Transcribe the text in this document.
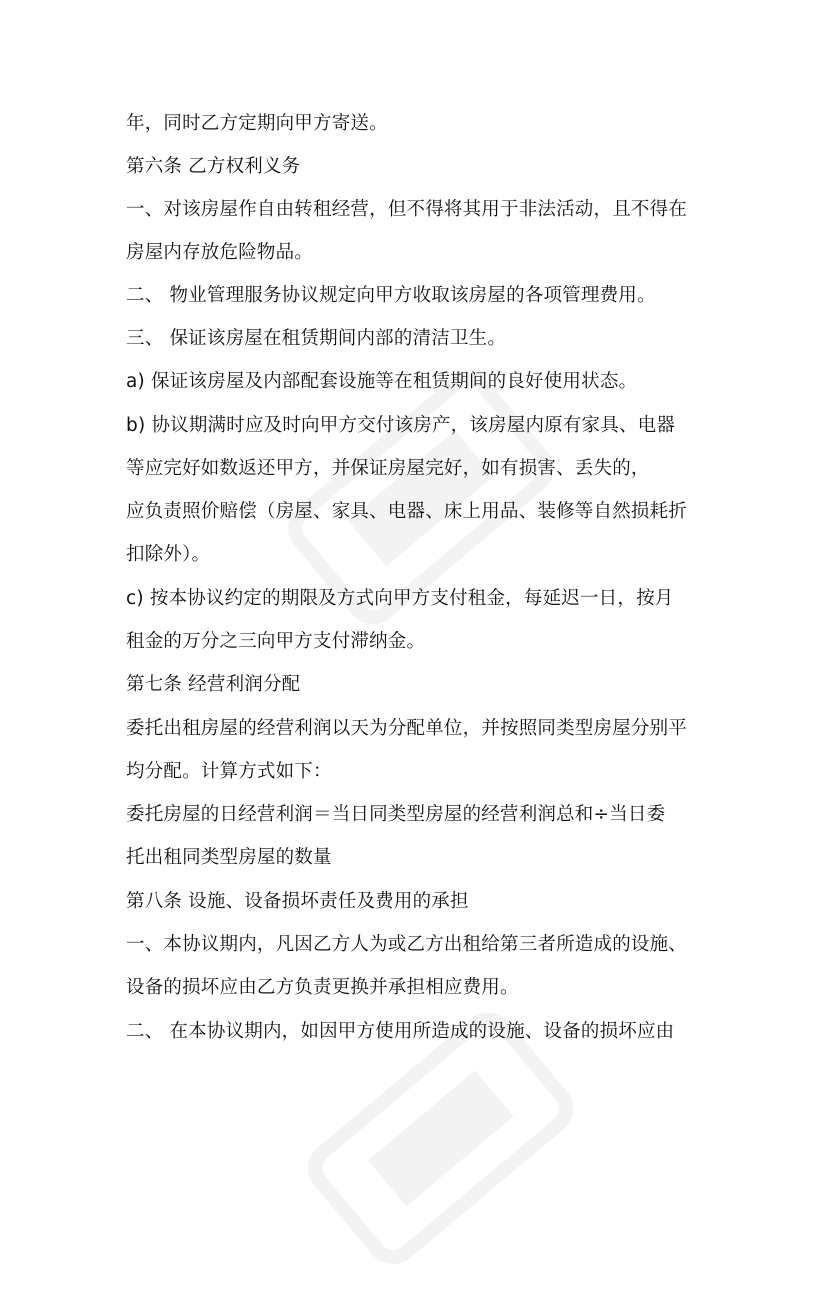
年，同时乙方定期向甲方寄送。
第六条 乙方权利义务
一、对该房屋作自由转租经营，但不得将其用于非法活动，且不得在
房屋内存放危险物品。
二、 物业管理服务协议规定向甲方收取该房屋的各项管理费用。
三、 保证该房屋在租赁期间内部的清洁卫生。
a) 保证该房屋及内部配套设施等在租赁期间的良好使用状态。
b) 协议期满时应及时向甲方交付该房产，该房屋内原有家具、电器
等应完好如数返还甲方，并保证房屋完好，如有损害、丢失的，
应负责照价赔偿（房屋、家具、电器、床上用品、装修等自然损耗折
扣除外）。
c) 按本协议约定的期限及方式向甲方支付租金，每延迟一日，按月
租金的万分之三向甲方支付滞纳金。
第七条 经营利润分配
委托出租房屋的经营利润以天为分配单位，并按照同类型房屋分别平
均分配。计算方式如下：
委托房屋的日经营利润＝当日同类型房屋的经营利润总和÷当日委
托出租同类型房屋的数量
第八条 设施、设备损坏责任及费用的承担
一、本协议期内，凡因乙方人为或乙方出租给第三者所造成的设施、
设备的损坏应由乙方负责更换并承担相应费用。
二、 在本协议期内，如因甲方使用所造成的设施、设备的损坏应由
